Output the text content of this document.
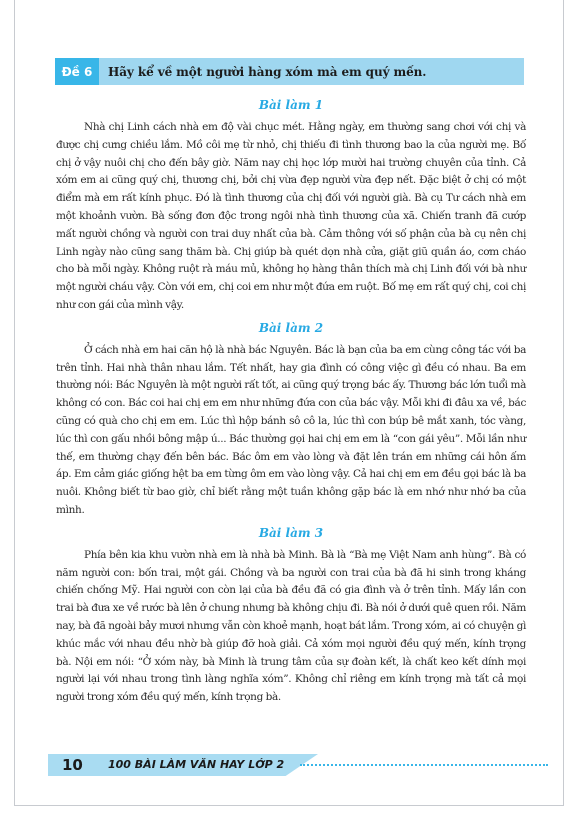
Đề 6	Hãy kể về một người hàng xóm mà em quý mến.
Bài làm 1

Nhà chị Linh cách nhà em độ vài chục mét. Hằng ngày, em thường sang chơi với chị và được chị cưng chiều lắm. Mồ côi mẹ từ nhỏ, chị thiếu đi tình thương bao la của người mẹ. Bố chị ở vậy nuôi chị cho đến bây giờ. Năm nay chị học lớp mười hai trường chuyên của tỉnh. Cả xóm em ai cũng quý chị, thương chị, bởi chị vừa đẹp người vừa đẹp nết. Đặc biệt ở chị có một điểm mà em rất kính phục. Đó là tình thương của chị đối với người già. Bà cụ Tư cách nhà em một khoảnh vườn. Bà sống đơn độc trong ngôi nhà tình thương của xã. Chiến tranh đã cướp mất người chồng và người con trai duy nhất của bà. Cảm thông với số phận của bà cụ nên chị Linh ngày nào cũng sang thăm bà. Chị giúp bà quét dọn nhà cửa, giặt giũ quần áo, cơm cháo cho bà mỗi ngày. Không ruột rà máu mủ, không họ hàng thân thích mà chị Linh đối với bà như một người cháu vậy. Còn với em, chị coi em như một đứa em ruột. Bố mẹ em rất quý chị, coi chị như con gái của mình vậy.

Bài làm 2

Ở cách nhà em hai căn hộ là nhà bác Nguyên. Bác là bạn của ba em cùng công tác với ba trên tỉnh. Hai nhà thân nhau lắm. Tết nhất, hay gia đình có công việc gì đều có nhau. Ba em thường nói: Bác Nguyên là một người rất tốt, ai cũng quý trọng bác ấy. Thương bác lớn tuổi mà không có con. Bác coi hai chị em em như những đứa con của bác vậy. Mỗi khi đi đâu xa về, bác cũng có quà cho chị em em. Lúc thì hộp bánh sô cô la, lúc thì con búp bê mắt xanh, tóc vàng, lúc thì con gấu nhồi bông mập ú... Bác thường gọi hai chị em em là “con gái yêu”. Mỗi lần như thế, em thường chạy đến bên bác. Bác ôm em vào lòng và đặt lên trán em những cái hôn ấm áp. Em cảm giác giống hệt ba em từng ôm em vào lòng vậy. Cả hai chị em em đều gọi bác là ba nuôi. Không biết từ bao giờ, chỉ biết rằng một tuần không gặp bác là em nhớ như nhớ ba của mình.

Bài làm 3

Phía bên kia khu vườn nhà em là nhà bà Minh. Bà là “Bà mẹ Việt Nam anh hùng”. Bà có năm người con: bốn trai, một gái. Chồng và ba người con trai của bà đã hi sinh trong kháng chiến chống Mỹ. Hai người con còn lại của bà đều đã có gia đình và ở trên tỉnh. Mấy lần con trai bà đưa xe về rước bà lên ở chung nhưng bà không chịu đi. Bà nói ở dưới quê quen rồi. Năm nay, bà đã ngoài bảy mươi nhưng vẫn còn khoẻ mạnh, hoạt bát lắm. Trong xóm, ai có chuyện gì khúc mắc với nhau đều nhờ bà giúp đỡ hoà giải. Cả xóm mọi người đều quý mến, kính trọng bà. Nội em nói: “Ở xóm này, bà Minh là trung tâm của sự đoàn kết, là chất keo kết dính mọi người lại với nhau trong tình làng nghĩa xóm”. Không chỉ riêng em kính trọng mà tất cả mọi người trong xóm đều quý mến, kính trọng bà.

10 100 BÀI LÀM VĂN HAY LỚP 2
